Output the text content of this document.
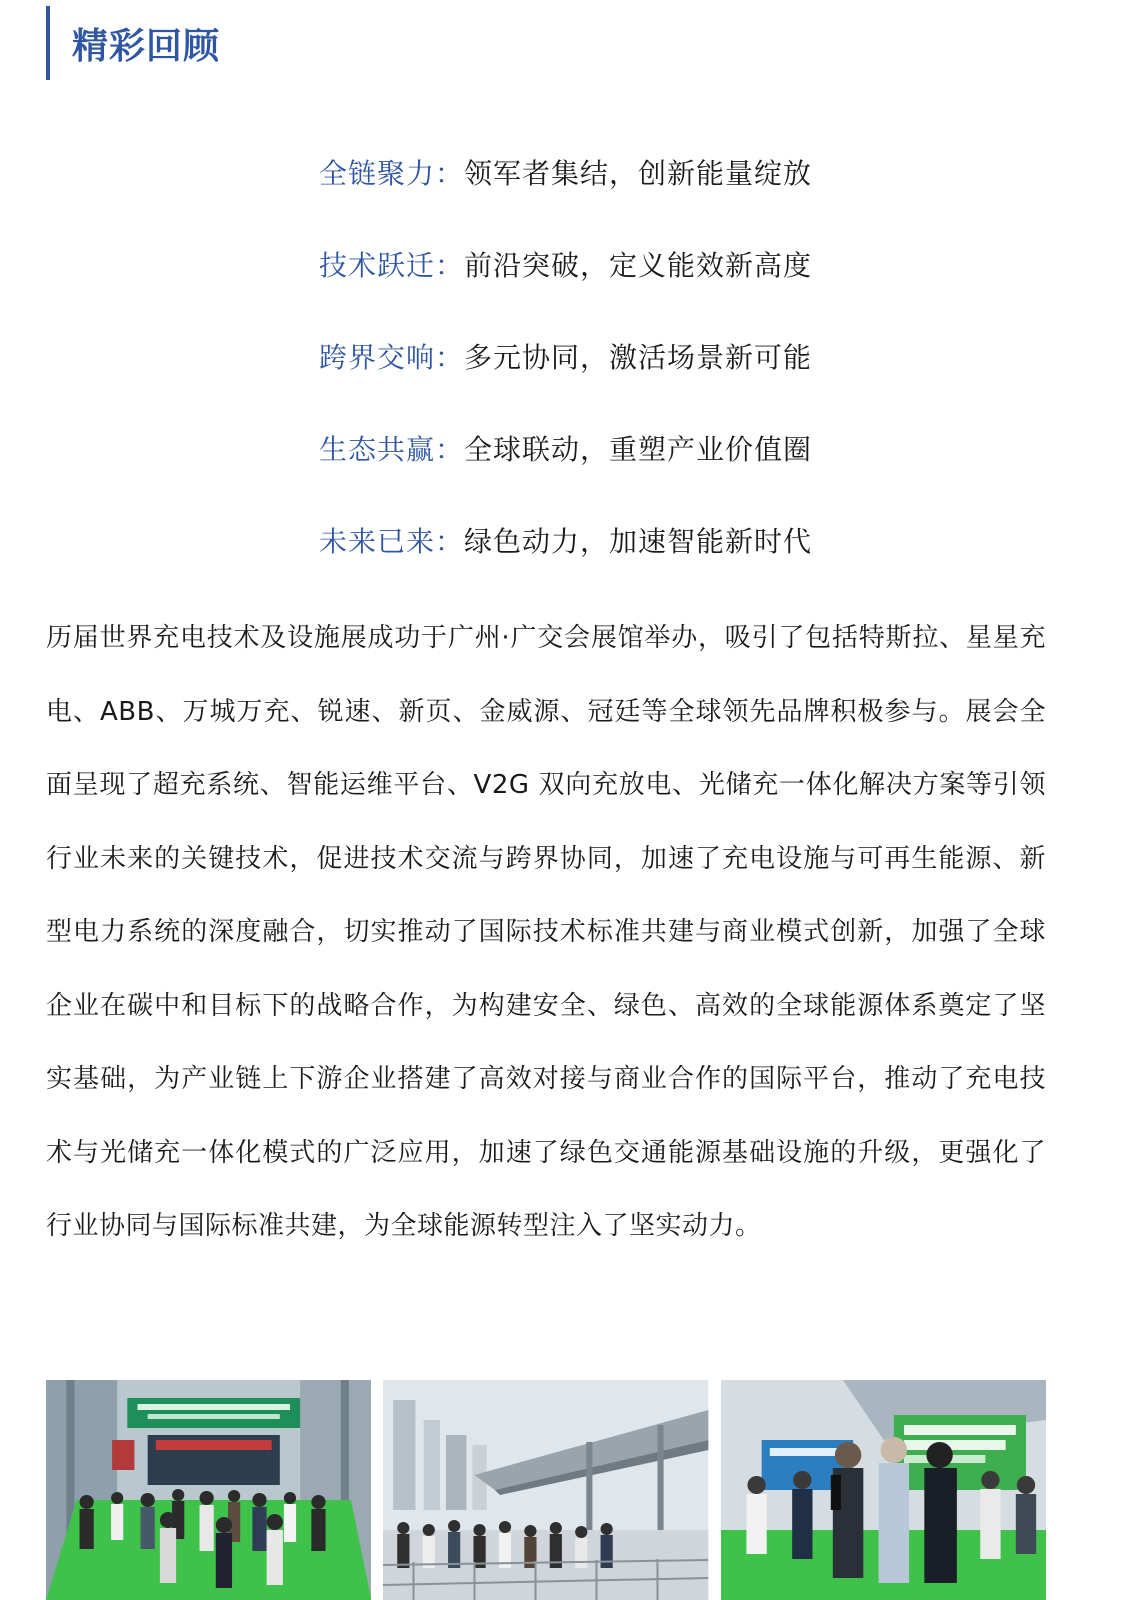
精彩回顾
全链聚力： 领军者集结，创新能量绽放
技术跃迁： 前沿突破，定义能效新高度
跨界交响： 多元协同，激活场景新可能
生态共赢： 全球联动，重塑产业价值圈
未来已来： 绿色动力，加速智能新时代

历届世界充电技术及设施展成功于广州·广交会展馆举办，吸引了包括特斯拉、星星充电、ABB、万城万充、锐速、新页、金威源、冠廷等全球领先品牌积极参与。展会全面呈现了超充系统、智能运维平台、V2G 双向充放电、光储充一体化解决方案等引领行业未来的关键技术，促进技术交流与跨界协同，加速了充电设施与可再生能源、新型电力系统的深度融合，切实推动了国际技术标准共建与商业模式创新，加强了全球企业在碳中和目标下的战略合作，为构建安全、绿色、高效的全球能源体系奠定了坚实基础，为产业链上下游企业搭建了高效对接与商业合作的国际平台，推动了充电技术与光储充一体化模式的广泛应用，加速了绿色交通能源基础设施的升级，更强化了行业协同与国际标准共建，为全球能源转型注入了坚实动力。
